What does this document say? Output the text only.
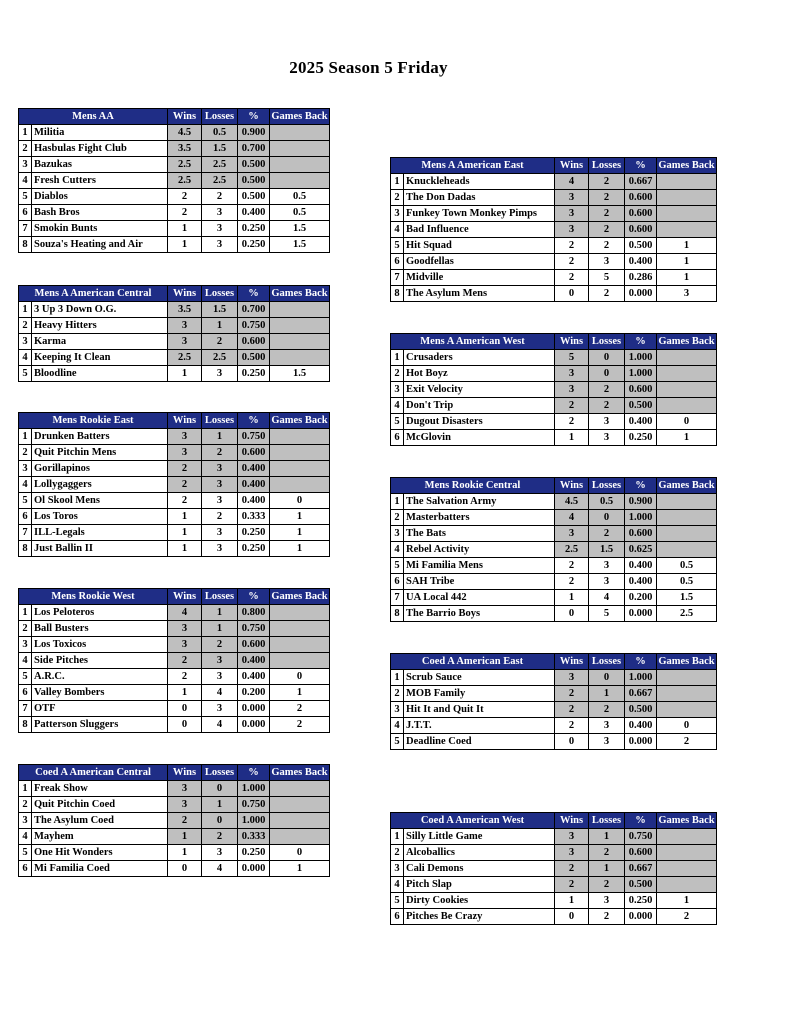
2025 Season 5 Friday
Mens AA		Wins	Losses	%	Games Back
1	Militia	4.5	0.5	0.900	
2	Hasbulas Fight Club	3.5	1.5	0.700	
3	Bazukas	2.5	2.5	0.500	
4	Fresh Cutters	2.5	2.5	0.500	
5	Diablos	2	2	0.500	0.5
6	Bash Bros	2	3	0.400	0.5
7	Smokin Bunts	1	3	0.250	1.5
8	Souza's Heating and Air	1	3	0.250	1.5
Mens A American Central		Wins	Losses	%	Games Back
1	3 Up 3 Down O.G.	3.5	1.5	0.700	
2	Heavy Hitters	3	1	0.750	
3	Karma	3	2	0.600	
4	Keeping It Clean	2.5	2.5	0.500	
5	Bloodline	1	3	0.250	1.5
Mens Rookie East		Wins	Losses	%	Games Back
1	Drunken Batters	3	1	0.750	
2	Quit Pitchin Mens	3	2	0.600	
3	Gorillapinos	2	3	0.400	
4	Lollygaggers	2	3	0.400	
5	Ol Skool Mens	2	3	0.400	0
6	Los Toros	1	2	0.333	1
7	ILL-Legals	1	3	0.250	1
8	Just Ballin II	1	3	0.250	1
Mens Rookie West		Wins	Losses	%	Games Back
1	Los Peloteros	4	1	0.800	
2	Ball Busters	3	1	0.750	
3	Los Toxicos	3	2	0.600	
4	Side Pitches	2	3	0.400	
5	A.R.C.	2	3	0.400	0
6	Valley Bombers	1	4	0.200	1
7	OTF	0	3	0.000	2
8	Patterson Sluggers	0	4	0.000	2
Coed A American Central		Wins	Losses	%	Games Back
1	Freak Show	3	0	1.000	
2	Quit Pitchin Coed	3	1	0.750	
3	The Asylum Coed	2	0	1.000	
4	Mayhem	1	2	0.333	
5	One Hit Wonders	1	3	0.250	0
6	Mi Familia Coed	0	4	0.000	1
Mens A American East		Wins	Losses	%	Games Back
1	Knuckleheads	4	2	0.667	
2	The Don Dadas	3	2	0.600	
3	Funkey Town Monkey Pimps	3	2	0.600	
4	Bad Influence	3	2	0.600	
5	Hit Squad	2	2	0.500	1
6	Goodfellas	2	3	0.400	1
7	Midville	2	5	0.286	1
8	The Asylum Mens	0	2	0.000	3
Mens A American West		Wins	Losses	%	Games Back
1	Crusaders	5	0	1.000	
2	Hot Boyz	3	0	1.000	
3	Exit Velocity	3	2	0.600	
4	Don't Trip	2	2	0.500	
5	Dugout Disasters	2	3	0.400	0
6	McGlovin	1	3	0.250	1
Mens Rookie Central		Wins	Losses	%	Games Back
1	The Salvation Army	4.5	0.5	0.900	
2	Masterbatters	4	0	1.000	
3	The Bats	3	2	0.600	
4	Rebel Activity	2.5	1.5	0.625	
5	Mi Familia Mens	2	3	0.400	0.5
6	SAH Tribe	2	3	0.400	0.5
7	UA Local 442	1	4	0.200	1.5
8	The Barrio Boys	0	5	0.000	2.5
Coed A American East		Wins	Losses	%	Games Back
1	Scrub Sauce	3	0	1.000	
2	MOB Family	2	1	0.667	
3	Hit It and Quit It	2	2	0.500	
4	J.T.T.	2	3	0.400	0
5	Deadline Coed	0	3	0.000	2
Coed A American West		Wins	Losses	%	Games Back
1	Silly Little Game	3	1	0.750	
2	Alcoballics	3	2	0.600	
3	Cali Demons	2	1	0.667	
4	Pitch Slap	2	2	0.500	
5	Dirty Cookies	1	3	0.250	1
6	Pitches Be Crazy	0	2	0.000	2
